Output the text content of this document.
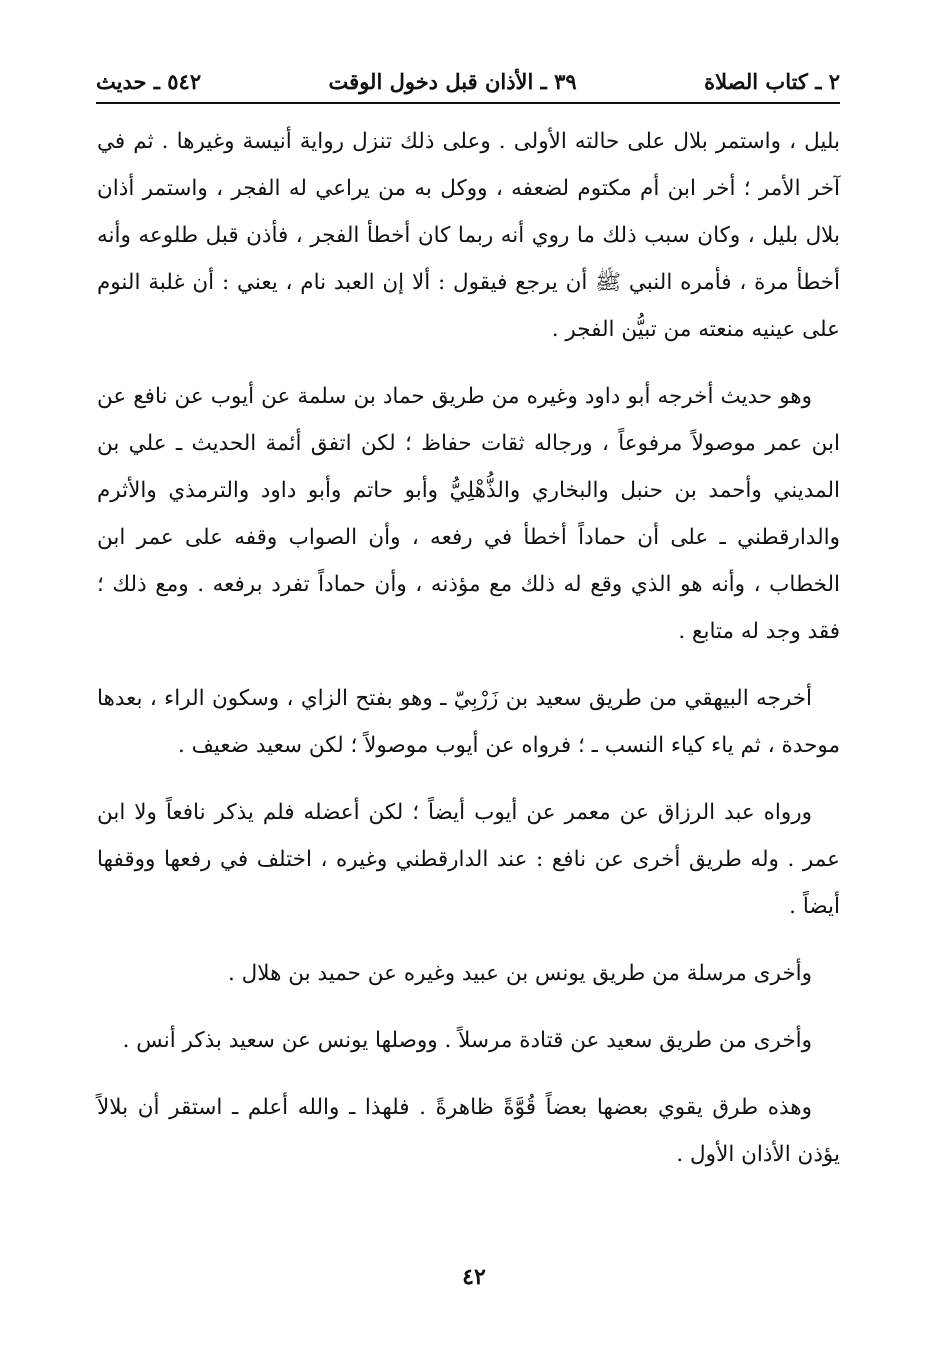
٢ ـ كتاب الصلاة
٣٩ ـ الأذان قبل دخول الوقت
٥٤٢ ـ حديث

بليل ، واستمر بلال على حالته الأولى . وعلى ذلك تنزل رواية أنيسة وغيرها . ثم في آخر الأمر ؛ أخر ابن أم مكتوم لضعفه ، ووكل به من يراعي له الفجر ، واستمر أذان بلال بليل ، وكان سبب ذلك ما روي أنه ربما كان أخطأ الفجر ، فأذن قبل طلوعه وأنه أخطأ مرة ، فأمره النبي ﷺ أن يرجع فيقول : ألا إن العبد نام ، يعني : أن غلبة النوم على عينيه منعته من تبيُّن الفجر .

وهو حديث أخرجه أبو داود وغيره من طريق حماد بن سلمة عن أيوب عن نافع عن ابن عمر موصولاً مرفوعاً ، ورجاله ثقات حفاظ ؛ لكن اتفق أئمة الحديث ـ علي بن المديني وأحمد بن حنبل والبخاري والذُّهْلِيُّ وأبو حاتم وأبو داود والترمذي والأثرم والدارقطني ـ على أن حماداً أخطأ في رفعه ، وأن الصواب وقفه على عمر ابن الخطاب ، وأنه هو الذي وقع له ذلك مع مؤذنه ، وأن حماداً تفرد برفعه . ومع ذلك ؛ فقد وجد له متابع .

أخرجه البيهقي من طريق سعيد بن زَرْبِيّ ـ وهو بفتح الزاي ، وسكون الراء ، بعدها موحدة ، ثم ياء كياء النسب ـ ؛ فرواه عن أيوب موصولاً ؛ لكن سعيد ضعيف .

ورواه عبد الرزاق عن معمر عن أيوب أيضاً ؛ لكن أعضله فلم يذكر نافعاً ولا ابن عمر . وله طريق أخرى عن نافع : عند الدارقطني وغيره ، اختلف في رفعها ووقفها أيضاً .

وأخرى مرسلة من طريق يونس بن عبيد وغيره عن حميد بن هلال .

وأخرى من طريق سعيد عن قتادة مرسلاً . ووصلها يونس عن سعيد بذكر أنس .

وهذه طرق يقوي بعضها بعضاً قُوَّةً ظاهرةً . فلهذا ـ والله أعلم ـ استقر أن بلالاً يؤذن الأذان الأول .

٤٢
